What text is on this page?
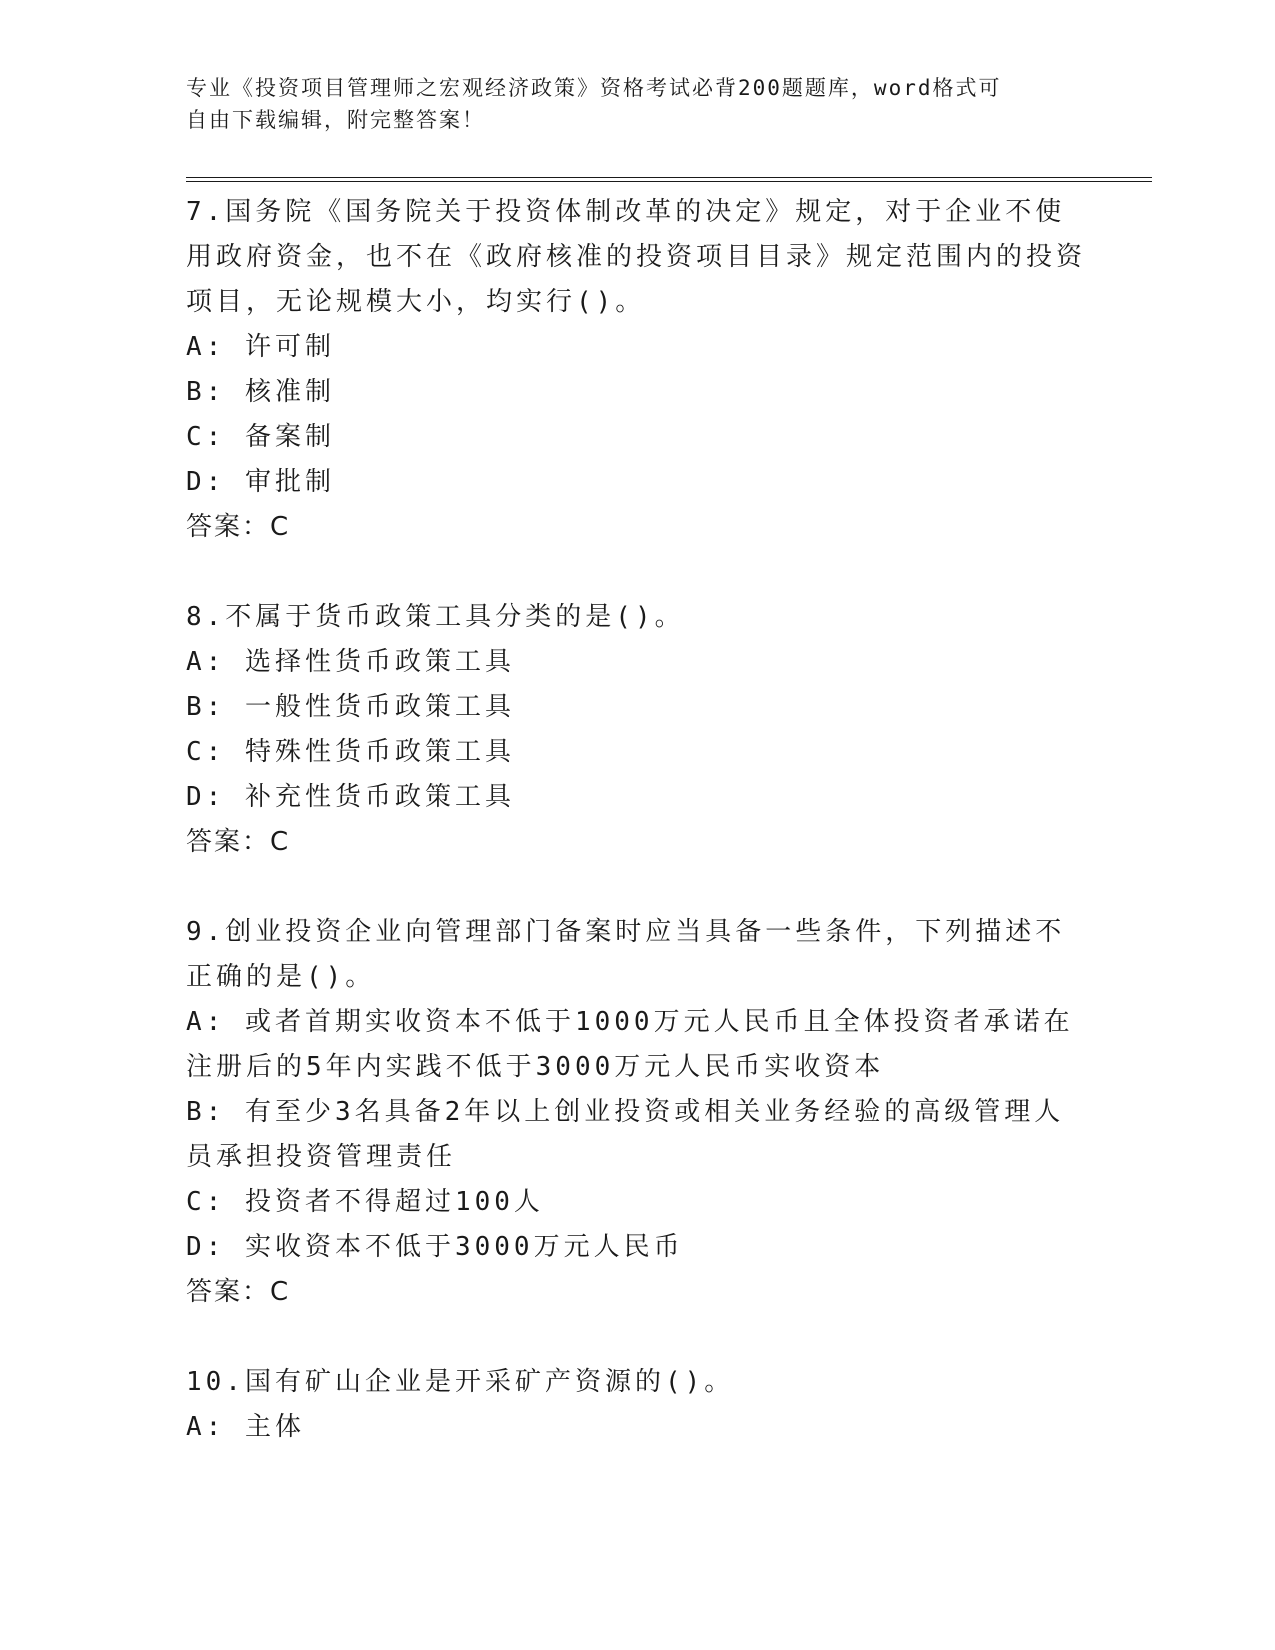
专业《投资项目管理师之宏观经济政策》资格考试必背200题题库，word格式可
自由下载编辑，附完整答案！
7.国务院《国务院关于投资体制改革的决定》规定，对于企业不使用政府资金，也不在《政府核准的投资项目目录》规定范围内的投资项目，无论规模大小，均实行()。
A: 许可制
B: 核准制
C: 备案制
D: 审批制
答案：C
8.不属于货币政策工具分类的是()。
A: 选择性货币政策工具
B: 一般性货币政策工具
C: 特殊性货币政策工具
D: 补充性货币政策工具
答案：C
9.创业投资企业向管理部门备案时应当具备一些条件，下列描述不正确的是()。
A: 或者首期实收资本不低于1000万元人民币且全体投资者承诺在注册后的5年内实践不低于3000万元人民币实收资本
B: 有至少3名具备2年以上创业投资或相关业务经验的高级管理人员承担投资管理责任
C: 投资者不得超过100人
D: 实收资本不低于3000万元人民币
答案：C
10.国有矿山企业是开采矿产资源的()。
A: 主体
